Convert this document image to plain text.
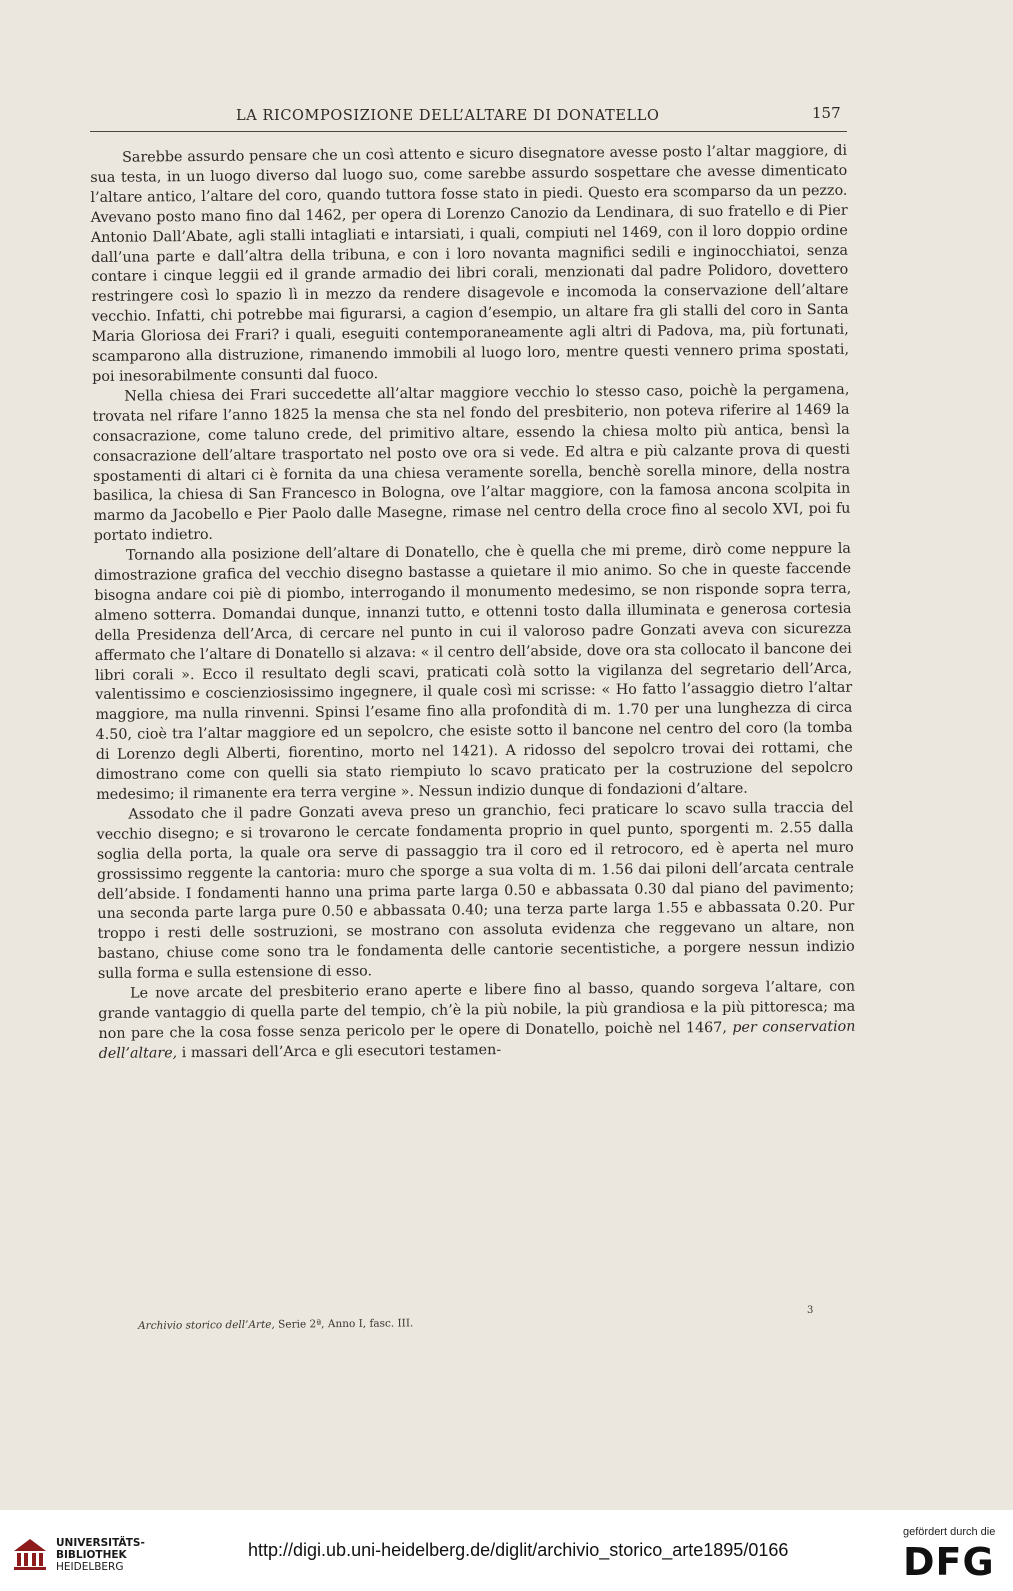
LA RICOMPOSIZIONE DELL’ALTARE DI DONATELLO	157

Sarebbe assurdo pensare che un così attento e sicuro disegnatore avesse posto l’altar maggiore, di sua testa, in un luogo diverso dal luogo suo, come sarebbe assurdo sospettare che avesse dimenticato l’altare antico, l’altare del coro, quando tuttora fosse stato in piedi. Questo era scomparso da un pezzo. Avevano posto mano fino dal 1462, per opera di Lorenzo Canozio da Lendinara, di suo fratello e di Pier Antonio Dall’Abate, agli stalli intagliati e intarsiati, i quali, compiuti nel 1469, con il loro doppio ordine dall’una parte e dall’altra della tribuna, e con i loro novanta magnifici sedili e inginocchiatoi, senza contare i cinque leggii ed il grande armadio dei libri corali, menzionati dal padre Polidoro, dovettero restringere così lo spazio lì in mezzo da rendere disagevole e incomoda la conservazione dell’altare vecchio. Infatti, chi potrebbe mai figurarsi, a cagion d’esempio, un altare fra gli stalli del coro in Santa Maria Gloriosa dei Frari? i quali, eseguiti contemporaneamente agli altri di Padova, ma, più fortunati, scamparono alla distruzione, rimanendo immobili al luogo loro, mentre questi vennero prima spostati, poi inesorabilmente consunti dal fuoco.

Nella chiesa dei Frari succedette all’altar maggiore vecchio lo stesso caso, poichè la pergamena, trovata nel rifare l’anno 1825 la mensa che sta nel fondo del presbiterio, non poteva riferire al 1469 la consacrazione, come taluno crede, del primitivo altare, essendo la chiesa molto più antica, bensì la consacrazione dell’altare trasportato nel posto ove ora si vede. Ed altra e più calzante prova di questi spostamenti di altari ci è fornita da una chiesa veramente sorella, benchè sorella minore, della nostra basilica, la chiesa di San Francesco in Bologna, ove l’altar maggiore, con la famosa ancona scolpita in marmo da Jacobello e Pier Paolo dalle Masegne, rimase nel centro della croce fino al secolo XVI, poi fu portato indietro.

Tornando alla posizione dell’altare di Donatello, che è quella che mi preme, dirò come neppure la dimostrazione grafica del vecchio disegno bastasse a quietare il mio animo. So che in queste faccende bisogna andare coi piè di piombo, interrogando il monumento medesimo, se non risponde sopra terra, almeno sotterra. Domandai dunque, innanzi tutto, e ottenni tosto dalla illuminata e generosa cortesia della Presidenza dell’Arca, di cercare nel punto in cui il valoroso padre Gonzati aveva con sicurezza affermato che l’altare di Donatello si alzava: « il centro dell’abside, dove ora sta collocato il bancone dei libri corali ». Ecco il resultato degli scavi, praticati colà sotto la vigilanza del segretario dell’Arca, valentissimo e coscienziosissimo ingegnere, il quale così mi scrisse: « Ho fatto l’assaggio dietro l’altar maggiore, ma nulla rinvenni. Spinsi l’esame fino alla profondità di m. 1.70 per una lunghezza di circa 4.50, cioè tra l’altar maggiore ed un sepolcro, che esiste sotto il bancone nel centro del coro (la tomba di Lorenzo degli Alberti, fiorentino, morto nel 1421). A ridosso del sepolcro trovai dei rottami, che dimostrano come con quelli sia stato riempiuto lo scavo praticato per la costruzione del sepolcro medesimo; il rimanente era terra vergine ». Nessun indizio dunque di fondazioni d’altare.

Assodato che il padre Gonzati aveva preso un granchio, feci praticare lo scavo sulla traccia del vecchio disegno; e si trovarono le cercate fondamenta proprio in quel punto, sporgenti m. 2.55 dalla soglia della porta, la quale ora serve di passaggio tra il coro ed il retrocoro, ed è aperta nel muro grossissimo reggente la cantoria: muro che sporge a sua volta di m. 1.56 dai piloni dell’arcata centrale dell’abside. I fondamenti hanno una prima parte larga 0.50 e abbassata 0.30 dal piano del pavimento; una seconda parte larga pure 0.50 e abbassata 0.40; una terza parte larga 1.55 e abbassata 0.20. Pur troppo i resti delle sostruzioni, se mostrano con assoluta evidenza che reggevano un altare, non bastano, chiuse come sono tra le fondamenta delle cantorie secentistiche, a porgere nessun indizio sulla forma e sulla estensione di esso.

Le nove arcate del presbiterio erano aperte e libere fino al basso, quando sorgeva l’altare, con grande vantaggio di quella parte del tempio, ch’è la più nobile, la più grandiosa e la più pittoresca; ma non pare che la cosa fosse senza pericolo per le opere di Donatello, poichè nel 1467, per conservation dell’altare, i massari dell’Arca e gli esecutori testamen-

Archivio storico dell’Arte, Serie 2ª, Anno I, fasc. III.
3
UNIVERSITÄTS-
BIBLIOTHEK
HEIDELBERG
http://digi.ub.uni-heidelberg.de/diglit/archivio_storico_arte1895/0166
gefördert durch die
DFG
